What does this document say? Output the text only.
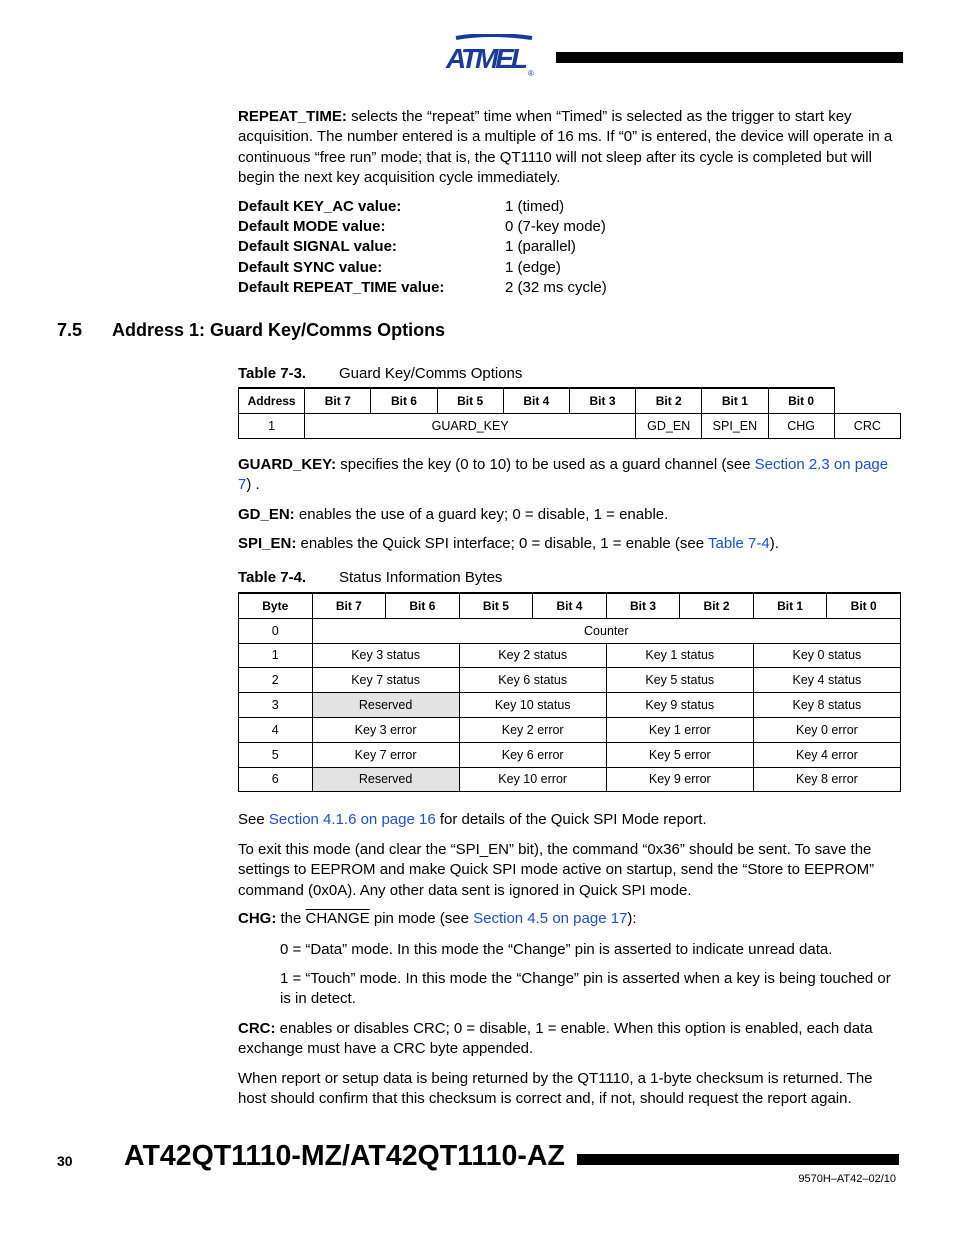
ATMEL ®

REPEAT_TIME: selects the “repeat” time when “Timed” is selected as the trigger to start key acquisition. The number entered is a multiple of 16 ms. If “0” is entered, the device will operate in a continuous “free run” mode; that is, the QT1110 will not sleep after its cycle is completed but will begin the next key acquisition cycle immediately.

Default KEY_AC value:	1 (timed)
Default MODE value:	0 (7-key mode)
Default SIGNAL value:	1 (parallel)
Default SYNC value:	1 (edge)
Default REPEAT_TIME value:	2 (32 ms cycle)
7.5 Address 1: Guard Key/Comms Options
Table 7-3. Guard Key/Comms Options
Address	Bit 7	Bit 6	Bit 5	Bit 4	Bit 3	Bit 2	Bit 1	Bit 0	
1	GUARD_KEY					GD_EN	SPI_EN	CHG	CRC

GUARD_KEY: specifies the key (0 to 10) to be used as a guard channel (see Section 2.3 on page 7) .

GD_EN: enables the use of a guard key; 0 = disable, 1 = enable.

SPI_EN: enables the Quick SPI interface; 0 = disable, 1 = enable (see Table 7-4).

Table 7-4. Status Information Bytes
Byte	Bit 7	Bit 6	Bit 5	Bit 4	Bit 3	Bit 2	Bit 1	Bit 0
0	Counter							
1	Key 3 status		Key 2 status		Key 1 status		Key 0 status	
2	Key 7 status		Key 6 status		Key 5 status		Key 4 status	
3	Reserved		Key 10 status		Key 9 status		Key 8 status	
4	Key 3 error		Key 2 error		Key 1 error		Key 0 error	
5	Key 7 error		Key 6 error		Key 5 error		Key 4 error	
6	Reserved		Key 10 error		Key 9 error		Key 8 error	

See Section 4.1.6 on page 16 for details of the Quick SPI Mode report.

To exit this mode (and clear the “SPI_EN” bit), the command “0x36” should be sent. To save the settings to EEPROM and make Quick SPI mode active on startup, send the “Store to EEPROM” command (0x0A). Any other data sent is ignored in Quick SPI mode.

CHG: the CHANGE pin mode (see Section 4.5 on page 17):

0 = “Data” mode. In this mode the “Change” pin is asserted to indicate unread data.

1 = “Touch” mode. In this mode the “Change” pin is asserted when a key is being touched or is in detect.

CRC: enables or disables CRC; 0 = disable, 1 = enable. When this option is enabled, each data exchange must have a CRC byte appended.

When report or setup data is being returned by the QT1110, a 1-byte checksum is returned. The host should confirm that this checksum is correct and, if not, should request the report again.

30 AT42QT1110-MZ/AT42QT1110-AZ
9570H–AT42–02/10
